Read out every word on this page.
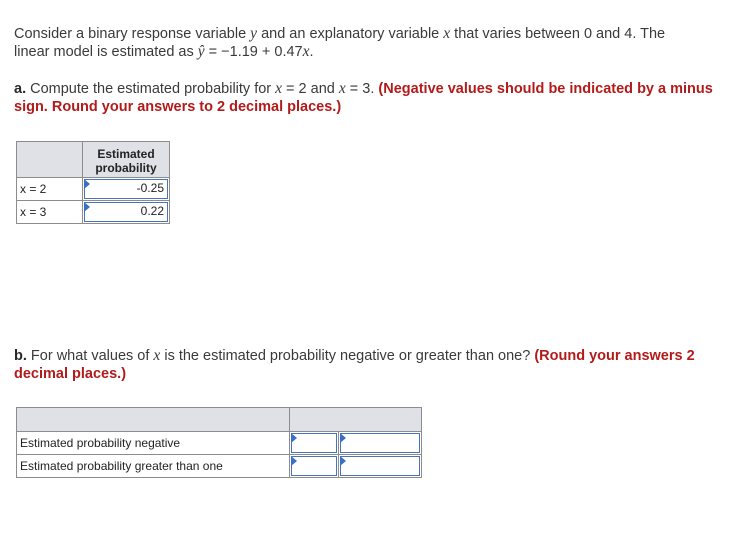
Consider a binary response variable y and an explanatory variable x that varies between 0 and 4. The
linear model is estimated as ŷ = −1.19 + 0.47x.
a. Compute the estimated probability for x = 2 and x = 3. (Negative values should be indicated by a minus sign. Round your answers to 2 decimal places.)
	Estimated probability
x = 2	-0.25

x = 3	0.22
b. For what values of x is the estimated probability negative or greater than one? (Round your answers 2 decimal places.)

Estimated probability negative	

Estimated probability greater than one	
